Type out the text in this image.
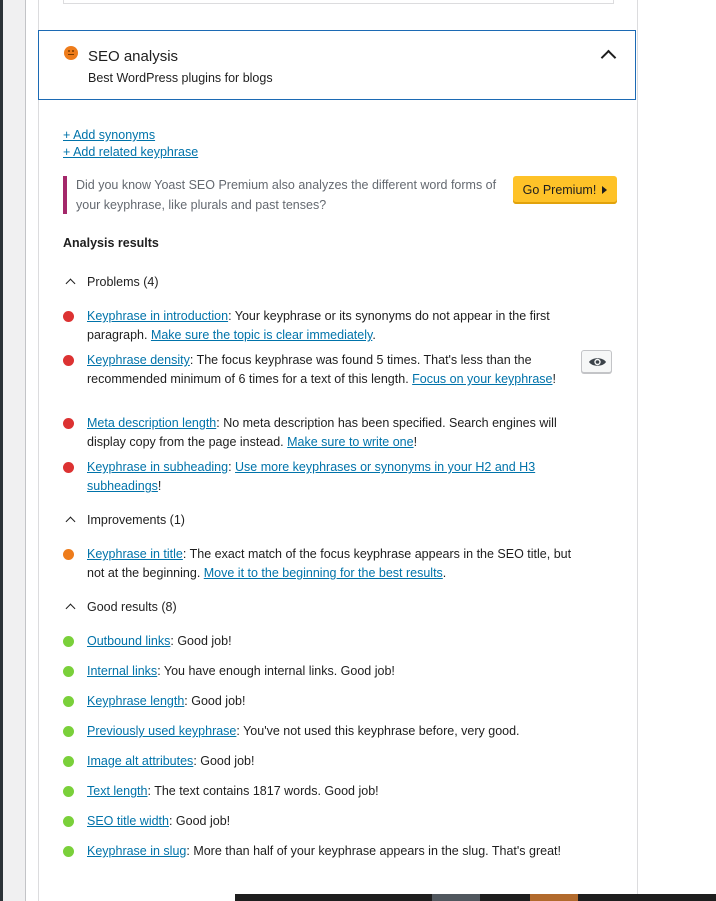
SEO analysis
Best WordPress plugins for blogs
+ Add synonyms
+ Add related keyphrase
Did you know Yoast SEO Premium also analyzes the different word forms of your keyphrase, like plurals and past tenses?
Go Premium!
Analysis results
Problems (4)
Keyphrase in introduction: Your keyphrase or its synonyms do not appear in the first paragraph. Make sure the topic is clear immediately.
Keyphrase density: The focus keyphrase was found 5 times. That's less than the recommended minimum of 6 times for a text of this length. Focus on your keyphrase!
Meta description length: No meta description has been specified. Search engines will display copy from the page instead. Make sure to write one!
Keyphrase in subheading: Use more keyphrases or synonyms in your H2 and H3 subheadings!
Improvements (1)
Keyphrase in title: The exact match of the focus keyphrase appears in the SEO title, but not at the beginning. Move it to the beginning for the best results.
Good results (8)
Outbound links: Good job!
Internal links: You have enough internal links. Good job!
Keyphrase length: Good job!
Previously used keyphrase: You've not used this keyphrase before, very good.
Image alt attributes: Good job!
Text length: The text contains 1817 words. Good job!
SEO title width: Good job!
Keyphrase in slug: More than half of your keyphrase appears in the slug. That's great!
